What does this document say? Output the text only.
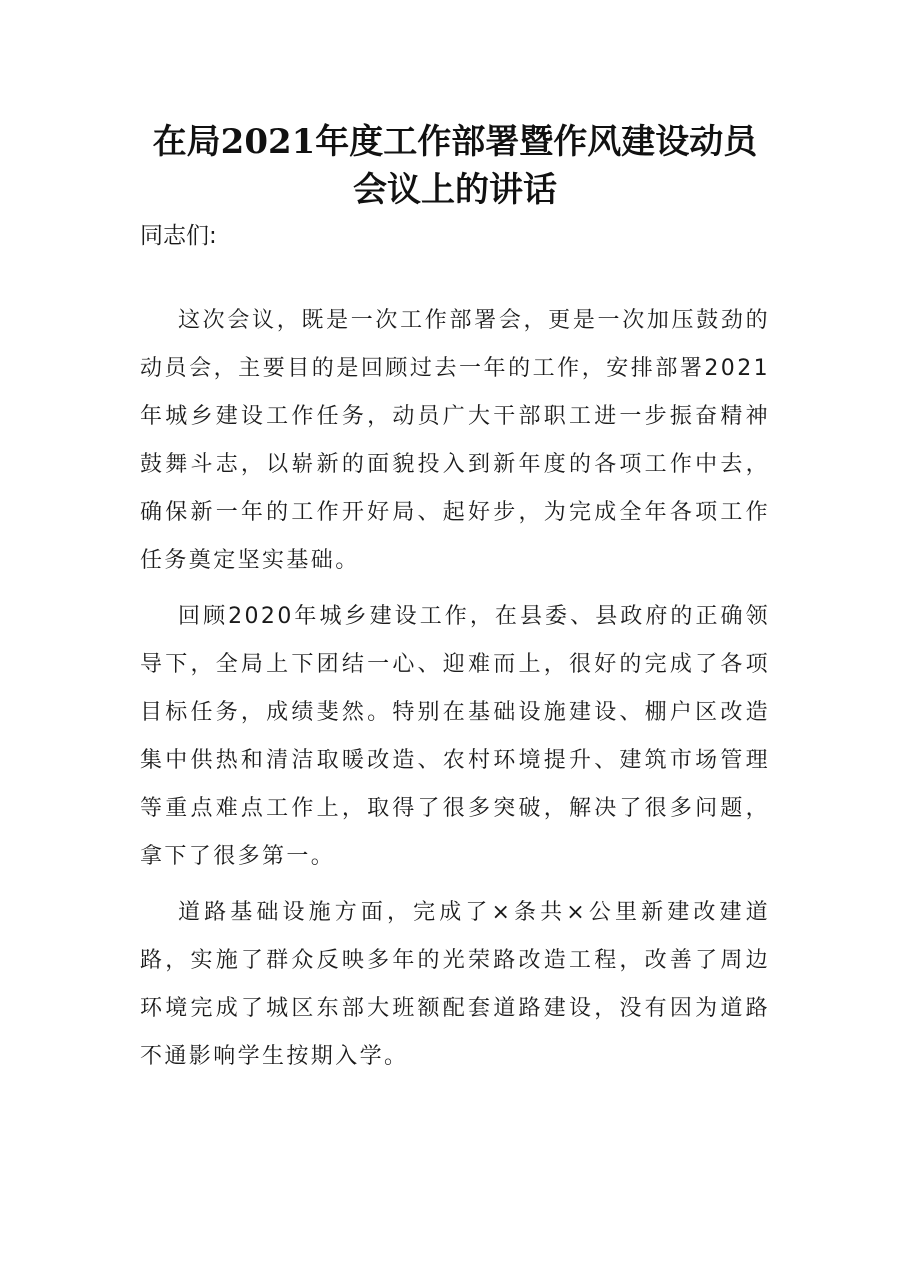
在局2021年度工作部署暨作风建设动员会议上的讲话

同志们:

这次会议，既是一次工作部署会，更是一次加压鼓劲的动员会，主要目的是回顾过去一年的工作，安排部署2021年城乡建设工作任务，动员广大干部职工进一步振奋精神鼓舞斗志，以崭新的面貌投入到新年度的各项工作中去，确保新一年的工作开好局、起好步，为完成全年各项工作任务奠定坚实基础。

回顾2020年城乡建设工作，在县委、县政府的正确领导下，全局上下团结一心、迎难而上，很好的完成了各项目标任务，成绩斐然。特别在基础设施建设、棚户区改造集中供热和清洁取暖改造、农村环境提升、建筑市场管理等重点难点工作上，取得了很多突破，解决了很多问题，拿下了很多第一。

道路基础设施方面，完成了×条共×公里新建改建道路，实施了群众反映多年的光荣路改造工程，改善了周边环境完成了城区东部大班额配套道路建设，没有因为道路不通影响学生按期入学。
